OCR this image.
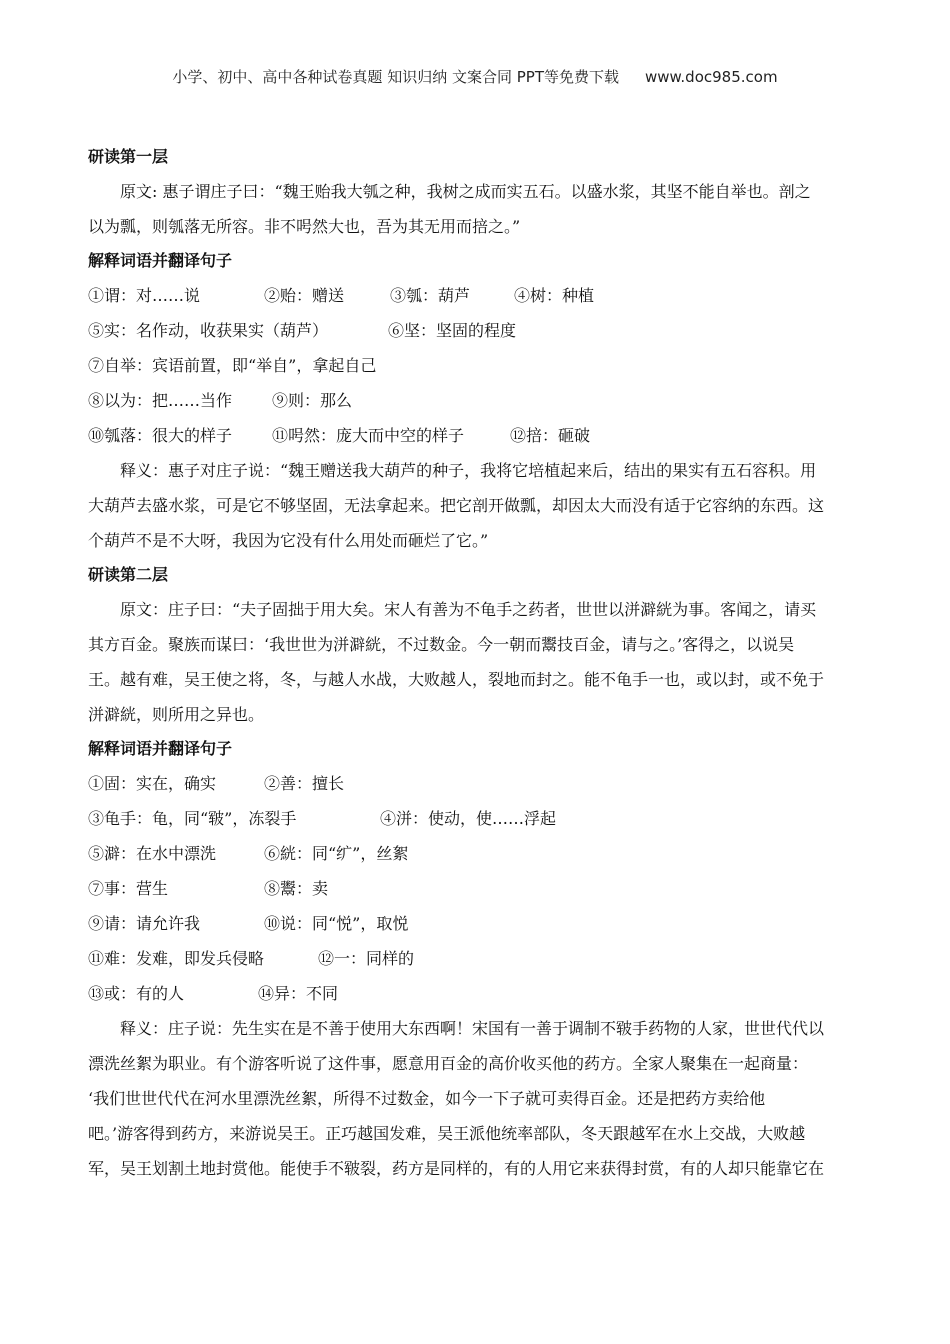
小学、初中、高中各种试卷真题 知识归纳 文案合同 PPT等免费下载 www.doc985.com
研读第一层
原文: 惠子谓庄子曰：“魏王贻我大瓠之种，我树之成而实五石。以盛水浆，其坚不能自举也。剖之
以为瓢，则瓠落无所容。非不呺然大也，吾为其无用而掊之。”
解释词语并翻译句子
①谓：对……说	②贻：赠送	③瓠：葫芦	④树：种植
⑤实：名作动，收获果实（葫芦）	⑥坚：坚固的程度
⑦自举：宾语前置，即“举自”，拿起自己
⑧以为：把……当作 ⑨则：那么
⑩瓠落：很大的样子 ⑪呺然：庞大而中空的样子	⑫掊：砸破
释义：惠子对庄子说：“魏王赠送我大葫芦的种子，我将它培植起来后，结出的果实有五石容积。用
大葫芦去盛水浆，可是它不够坚固，无法拿起来。把它剖开做瓢，却因太大而没有适于它容纳的东西。这
个葫芦不是不大呀，我因为它没有什么用处而砸烂了它。”
研读第二层
原文：庄子曰：“夫子固拙于用大矣。宋人有善为不龟手之药者，世世以洴澼絖为事。客闻之，请买
其方百金。聚族而谋曰：‘我世世为洴澼絖，不过数金。今一朝而鬻技百金，请与之。’客得之，以说吴
王。越有难，吴王使之将，冬，与越人水战，大败越人，裂地而封之。能不龟手一也，或以封，或不免于
洴澼絖，则所用之异也。
解释词语并翻译句子
①固：实在，确实	②善：擅长
③龟手：龟，同“皲”，冻裂手	④洴：使动，使……浮起
⑤澼：在水中漂洗	⑥絖：同“纩”，丝絮
⑦事：营生	⑧鬻：卖
⑨请：请允许我	⑩说：同“悦”，取悦
⑪难：发难，即发兵侵略	⑫一：同样的
⑬或：有的人	⑭异：不同
释义：庄子说：先生实在是不善于使用大东西啊！宋国有一善于调制不皲手药物的人家，世世代代以
漂洗丝絮为职业。有个游客听说了这件事，愿意用百金的高价收买他的药方。全家人聚集在一起商量：
‘我们世世代代在河水里漂洗丝絮，所得不过数金，如今一下子就可卖得百金。还是把药方卖给他
吧。’游客得到药方，来游说吴王。正巧越国发难，吴王派他统率部队，冬天跟越军在水上交战，大败越
军，吴王划割土地封赏他。能使手不皲裂，药方是同样的，有的人用它来获得封赏，有的人却只能靠它在
